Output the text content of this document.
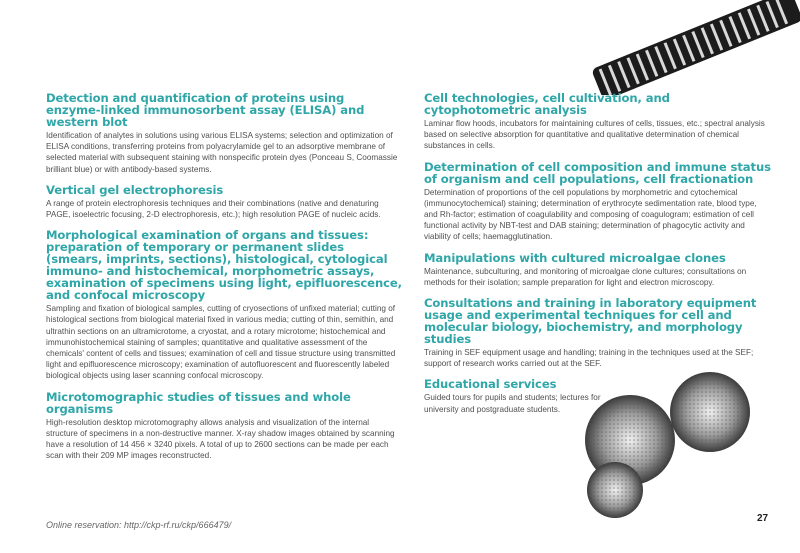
Detection and quantification of proteins using enzyme-linked immunosorbent assay (ELISA) and western blot

Identification of analytes in solutions using various ELISA systems; selection and optimization of ELISA conditions, transferring proteins from polyacrylamide gel to an adsorptive membrane of selected material with subsequent staining with nonspecific protein dyes (Ponceau S, Coomassie brilliant blue) or with antibody-based systems.

Vertical gel electrophoresis

A range of protein electrophoresis techniques and their combinations (native and denaturing PAGE, isoelectric focusing, 2-D electrophoresis, etc.); high resolution PAGE of nucleic acids.

Morphological examination of organs and tissues: preparation of temporary or permanent slides (smears, imprints, sections), histological, cytological immuno- and histochemical, morphometric assays, examination of specimens using light, epifluorescence, and confocal microscopy

Sampling and fixation of biological samples, cutting of cryosections of unfixed material; cutting of histological sections from biological material fixed in various media; cutting of thin, semithin, and ultrathin sections on an ultramicrotome, a cryostat, and a rotary microtome; histochemical and immunohistochemical staining of samples; quantitative and qualitative assessment of the chemicals' content of cells and tissues; examination of cell and tissue structure using transmitted light and epifluorescence microscopy; examination of autofluorescent and fluorescently labeled biological objects using laser scanning confocal microscopy.

Microtomographic studies of tissues and whole organisms

High-resolution desktop microtomography allows analysis and visualization of the internal structure of specimens in a non-destructive manner. X-ray shadow images obtained by scanning have a resolution of 14 456 × 3240 pixels. A total of up to 2600 sections can be made per each scan with their 209 MP images reconstructed.

Cell technologies, cell cultivation, and cytophotometric analysis

Laminar flow hoods, incubators for maintaining cultures of cells, tissues, etc.; spectral analysis based on selective absorption for quantitative and qualitative determination of chemical substances in cells.

Determination of cell composition and immune status of organism and cell populations, cell fractionation

Determination of proportions of the cell populations by morphometric and cytochemical (immunocytochemical) staining; determination of erythrocyte sedimentation rate, blood type, and Rh-factor; estimation of coagulability and composing of coagulogram; estimation of cell functional activity by NBT-test and DAB staining; determination of phagocytic activity and viability of cells; haemagglutination.

Manipulations with cultured microalgae clones

Maintenance, subculturing, and monitoring of microalgae clone cultures; consultations on methods for their isolation; sample preparation for light and electron microscopy.

Consultations and training in laboratory equipment usage and experimental techniques for cell and molecular biology, biochemistry, and morphology studies

Training in SEF equipment usage and handling; training in the techniques used at the SEF; support of research works carried out at the SEF.

Educational services

Guided tours for pupils and students; lectures for university and postgraduate students.

Online reservation: http://ckp-rf.ru/ckp/666479/
27
